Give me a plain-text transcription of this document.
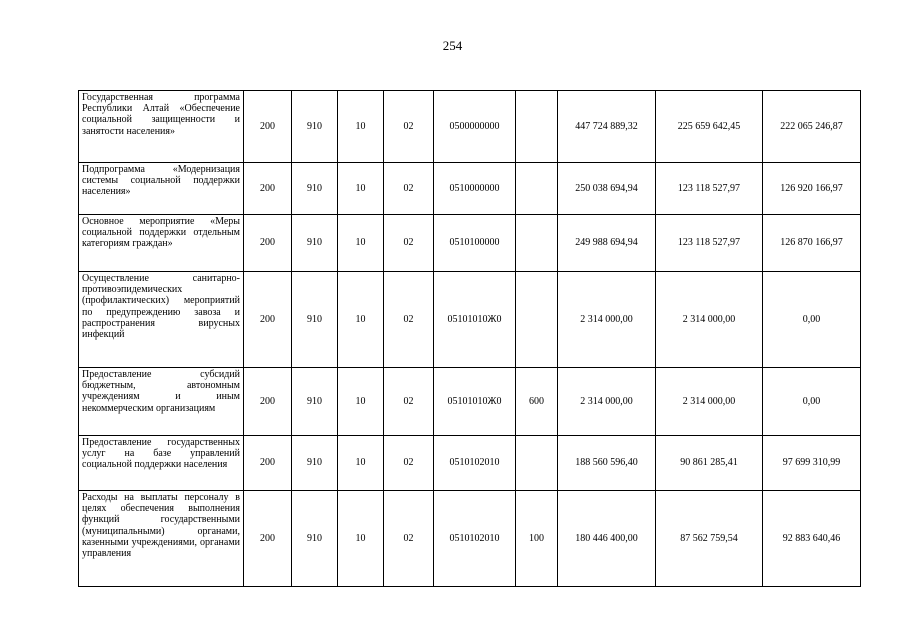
254
Государственная программа Республики Алтай «Обеспечение социальной защищенности и занятости населения»	200	910	10	02	0500000000		447 724 889,32	225 659 642,45	222 065 246,87
Подпрограмма «Модернизация системы социальной поддержки населения»	200	910	10	02	0510000000		250 038 694,94	123 118 527,97	126 920 166,97
Основное мероприятие «Меры социальной поддержки отдельным категориям граждан»	200	910	10	02	0510100000		249 988 694,94	123 118 527,97	126 870 166,97
Осуществление санитарно-противоэпидемических (профилактических) мероприятий по предупреждению завоза и распространения вирусных инфекций	200	910	10	02	05101010Ж0		2 314 000,00	2 314 000,00	0,00
Предоставление субсидий бюджетным, автономным учреждениям и иным некоммерческим организациям	200	910	10	02	05101010Ж0	600	2 314 000,00	2 314 000,00	0,00
Предоставление государственных услуг на базе управлений социальной поддержки населения	200	910	10	02	0510102010		188 560 596,40	90 861 285,41	97 699 310,99
Расходы на выплаты персоналу в целях обеспечения выполнения функций государственными (муниципальными) органами, казенными учреждениями, органами управления	200	910	10	02	0510102010	100	180 446 400,00	87 562 759,54	92 883 640,46
